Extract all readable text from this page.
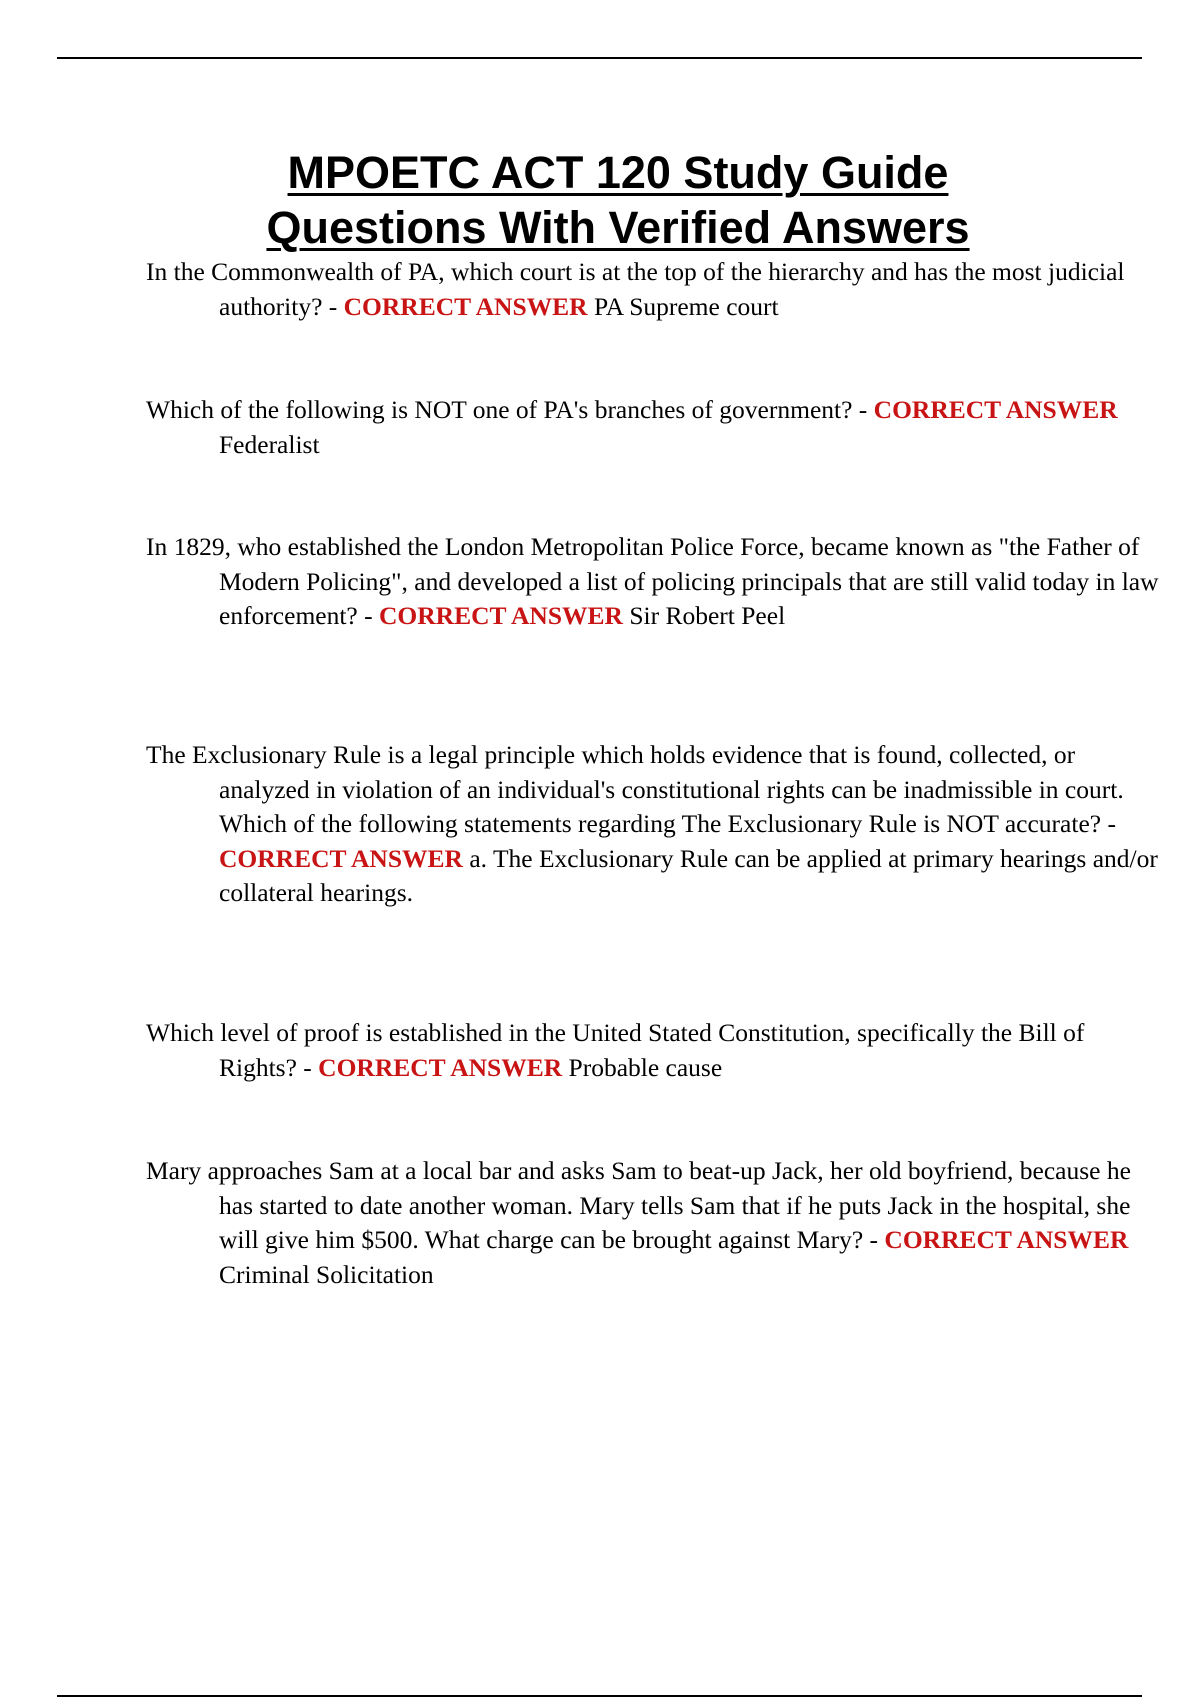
MPOETC ACT 120 Study Guide
Questions With Verified Answers

In the Commonwealth of PA, which court is at the top of the hierarchy and has the most judicial authority? - CORRECT ANSWER PA Supreme court

Which of the following is NOT one of PA's branches of government? - CORRECT ANSWER Federalist

In 1829, who established the London Metropolitan Police Force, became known as "the Father of Modern Policing", and developed a list of policing principals that are still valid today in law enforcement? - CORRECT ANSWER Sir Robert Peel

The Exclusionary Rule is a legal principle which holds evidence that is found, collected, or analyzed in violation of an individual's constitutional rights can be inadmissible in court. Which of the following statements regarding The Exclusionary Rule is NOT accurate? - CORRECT ANSWER a. The Exclusionary Rule can be applied at primary hearings and/or collateral hearings.

Which level of proof is established in the United Stated Constitution, specifically the Bill of Rights? - CORRECT ANSWER Probable cause

Mary approaches Sam at a local bar and asks Sam to beat-up Jack, her old boyfriend, because he has started to date another woman. Mary tells Sam that if he puts Jack in the hospital, she will give him $500. What charge can be brought against Mary? - CORRECT ANSWER Criminal Solicitation
